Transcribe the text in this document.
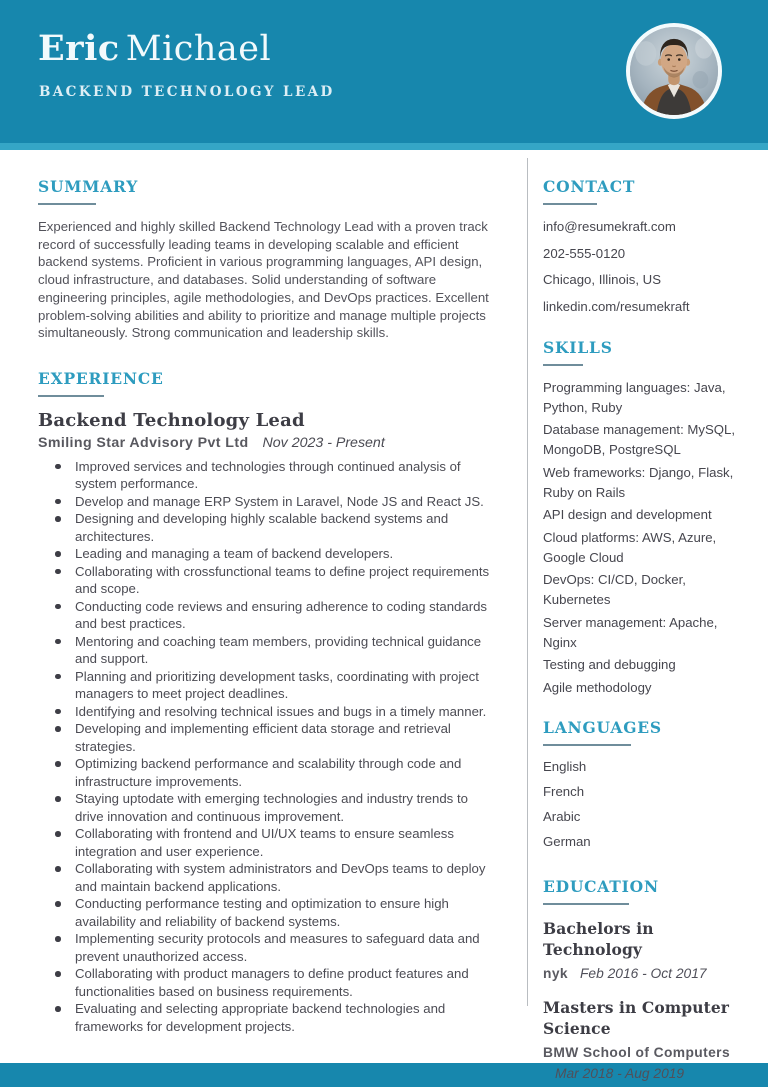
Eric Michael
BACKEND TECHNOLOGY LEAD
SUMMARY
Experienced and highly skilled Backend Technology Lead with a proven track record of successfully leading teams in developing scalable and efficient backend systems. Proficient in various programming languages, API design, cloud infrastructure, and databases. Solid understanding of software engineering principles, agile methodologies, and DevOps practices. Excellent problem-solving abilities and ability to prioritize and manage multiple projects simultaneously. Strong communication and leadership skills.
EXPERIENCE
Backend Technology Lead
Smiling Star Advisory Pvt Ltd Nov 2023 - Present
Improved services and technologies through continued analysis of system performance.
Develop and manage ERP System in Laravel, Node JS and React JS.
Designing and developing highly scalable backend systems and architectures.
Leading and managing a team of backend developers.
Collaborating with crossfunctional teams to define project requirements and scope.
Conducting code reviews and ensuring adherence to coding standards and best practices.
Mentoring and coaching team members, providing technical guidance and support.
Planning and prioritizing development tasks, coordinating with project managers to meet project deadlines.
Identifying and resolving technical issues and bugs in a timely manner.
Developing and implementing efficient data storage and retrieval strategies.
Optimizing backend performance and scalability through code and infrastructure improvements.
Staying uptodate with emerging technologies and industry trends to drive innovation and continuous improvement.
Collaborating with frontend and UI/UX teams to ensure seamless integration and user experience.
Collaborating with system administrators and DevOps teams to deploy and maintain backend applications.
Conducting performance testing and optimization to ensure high availability and reliability of backend systems.
Implementing security protocols and measures to safeguard data and prevent unauthorized access.
Collaborating with product managers to define product features and functionalities based on business requirements.
Evaluating and selecting appropriate backend technologies and frameworks for development projects.
CONTACT
info@resumekraft.com
202-555-0120
Chicago, Illinois, US
linkedin.com/resumekraft
SKILLS
Programming languages: Java, Python, Ruby
Database management: MySQL, MongoDB, PostgreSQL
Web frameworks: Django, Flask, Ruby on Rails
API design and development
Cloud platforms: AWS, Azure, Google Cloud
DevOps: CI/CD, Docker, Kubernetes
Server management: Apache, Nginx
Testing and debugging
Agile methodology
LANGUAGES
English
French
Arabic
German
EDUCATION
Bachelors in Technology
nyk Feb 2016 - Oct 2017
Masters in Computer Science
BMW School of ComputersMar 2018 - Aug 2019
